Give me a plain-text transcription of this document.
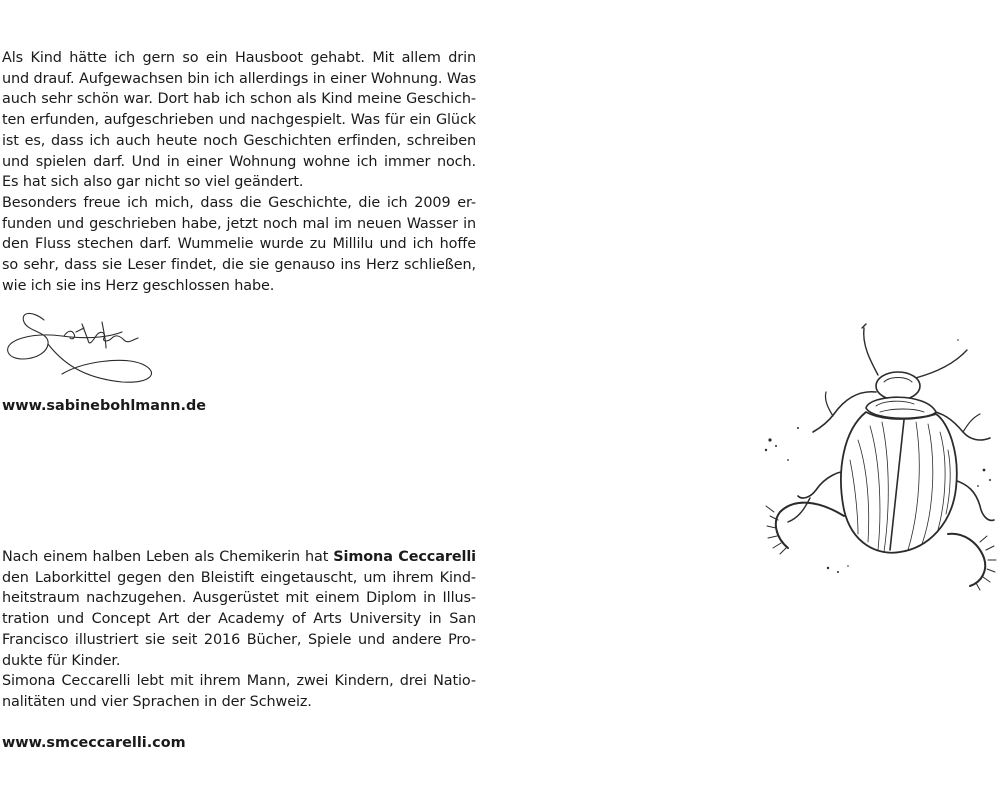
Als Kind hätte ich gern so ein Hausboot gehabt. Mit allem drin
und drauf. Aufgewachsen bin ich allerdings in einer Wohnung. Was
auch sehr schön war. Dort hab ich schon als Kind meine Geschich-
ten erfunden, aufgeschrieben und nachgespielt. Was für ein Glück
ist es, dass ich auch heute noch Geschichten erfinden, schreiben
und spielen darf. Und in einer Wohnung wohne ich immer noch.
Es hat sich also gar nicht so viel geändert.
Besonders freue ich mich, dass die Geschichte, die ich 2009 er-
funden und geschrieben habe, jetzt noch mal im neuen Wasser in
den Fluss stechen darf. Wummelie wurde zu Millilu und ich hoffe
so sehr, dass sie Leser findet, die sie genauso ins Herz schließen,
wie ich sie ins Herz geschlossen habe.
www.sabinebohlmann.de
Nach einem halben Leben als Chemikerin hat Simona Ceccarelli
den Laborkittel gegen den Bleistift eingetauscht, um ihrem Kind-
heitstraum nachzugehen. Ausgerüstet mit einem Diplom in Illus-
tration und Concept Art der Academy of Arts University in San
Francisco illustriert sie seit 2016 Bücher, Spiele und andere Pro-
dukte für Kinder.
Simona Ceccarelli lebt mit ihrem Mann, zwei Kindern, drei Natio-
nalitäten und vier Sprachen in der Schweiz.
www.smceccarelli.com
